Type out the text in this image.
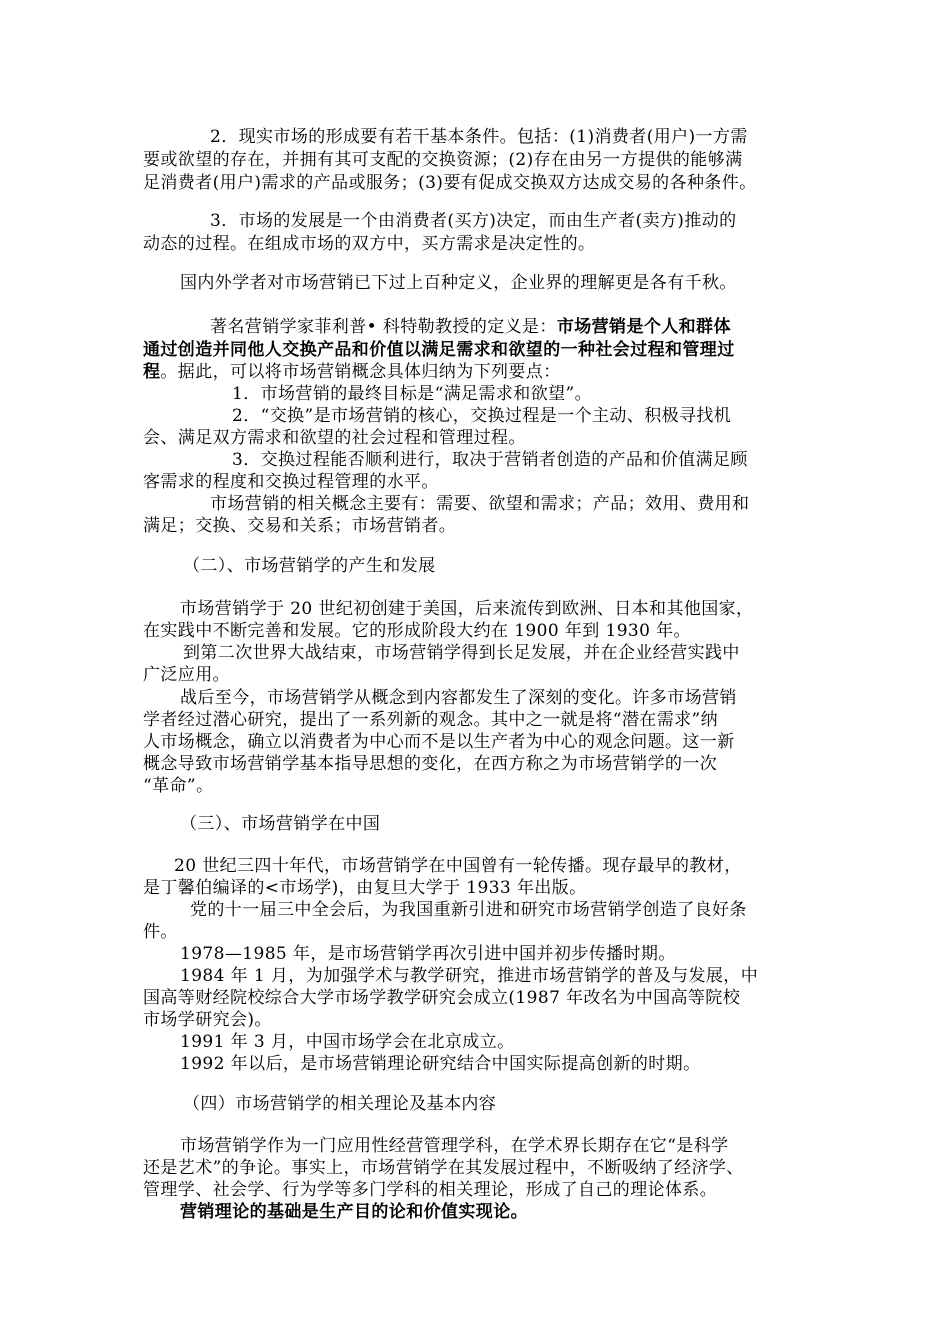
2．现实市场的形成要有若干基本条件。包括：(1)消费者(用户)一方需
要或欲望的存在，并拥有其可支配的交换资源；(2)存在由另一方提供的能够满
足消费者(用户)需求的产品或服务；(3)要有促成交换双方达成交易的各种条件。
3．市场的发展是一个由消费者(买方)决定，而由生产者(卖方)推动的
动态的过程。在组成市场的双方中，买方需求是决定性的。
国内外学者对市场营销已下过上百种定义，企业界的理解更是各有千秋。
著名营销学家菲利普• 科特勒教授的定义是：市场营销是个人和群体
通过创造并同他人交换产品和价值以满足需求和欲望的一种社会过程和管理过
程。据此，可以将市场营销概念具体归纳为下列要点：
1．市场营销的最终目标是“满足需求和欲望”。
2．“交换”是市场营销的核心，交换过程是一个主动、积极寻找机
会、满足双方需求和欲望的社会过程和管理过程。
3．交换过程能否顺利进行，取决于营销者创造的产品和价值满足顾
客需求的程度和交换过程管理的水平。
市场营销的相关概念主要有：需要、欲望和需求；产品；效用、费用和
满足；交换、交易和关系；市场营销者。
（二）、市场营销学的产生和发展
市场营销学于 20 世纪初创建于美国，后来流传到欧洲、日本和其他国家，
在实践中不断完善和发展。它的形成阶段大约在 1900 年到 1930 年。
到第二次世界大战结束，市场营销学得到长足发展，并在企业经营实践中
广泛应用。
战后至今，市场营销学从概念到内容都发生了深刻的变化。许多市场营销
学者经过潜心研究，提出了一系列新的观念。其中之一就是将“潜在需求”纳
人市场概念，确立以消费者为中心而不是以生产者为中心的观念问题。这一新
概念导致市场营销学基本指导思想的变化，在西方称之为市场营销学的一次
“革命”。
（三）、市场营销学在中国
20 世纪三四十年代，市场营销学在中国曾有一轮传播。现存最早的教材，
是丁馨伯编译的<市场学)，由复旦大学于 1933 年出版。
党的十一届三中全会后，为我国重新引进和研究市场营销学创造了良好条
件。
1978—1985 年，是市场营销学再次引进中国并初步传播时期。
1984 年 1 月，为加强学术与教学研究，推进市场营销学的普及与发展，中
国高等财经院校综合大学市场学教学研究会成立(1987 年改名为中国高等院校
市场学研究会)。
1991 年 3 月，中国市场学会在北京成立。
1992 年以后，是市场营销理论研究结合中国实际提高创新的时期。
（四）市场营销学的相关理论及基本内容
市场营销学作为一门应用性经营管理学科，在学术界长期存在它“是科学
还是艺术”的争论。事实上，市场营销学在其发展过程中，不断吸纳了经济学、
管理学、社会学、行为学等多门学科的相关理论，形成了自己的理论体系。
营销理论的基础是生产目的论和价值实现论。
